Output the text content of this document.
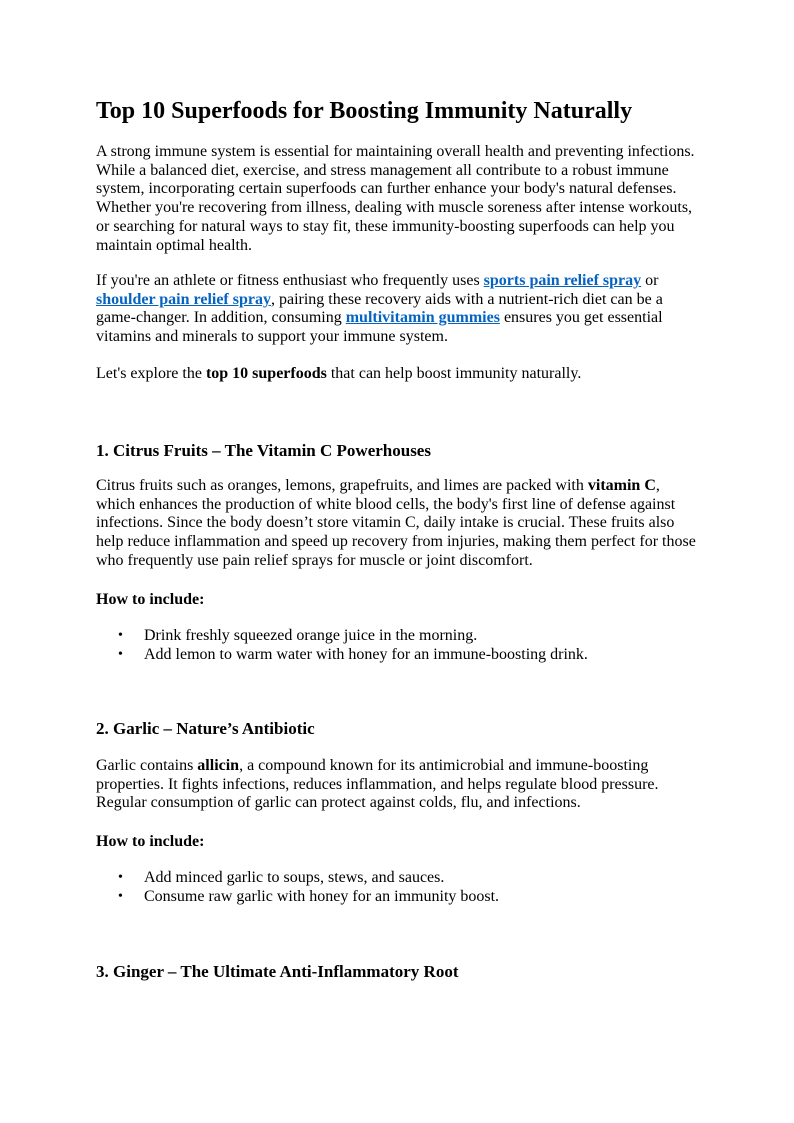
Top 10 Superfoods for Boosting Immunity Naturally

A strong immune system is essential for maintaining overall health and preventing infections.
While a balanced diet, exercise, and stress management all contribute to a robust immune
system, incorporating certain superfoods can further enhance your body's natural defenses.
Whether you're recovering from illness, dealing with muscle soreness after intense workouts,
or searching for natural ways to stay fit, these immunity-boosting superfoods can help you
maintain optimal health.

If you're an athlete or fitness enthusiast who frequently uses sports pain relief spray or
shoulder pain relief spray, pairing these recovery aids with a nutrient-rich diet can be a
game-changer. In addition, consuming multivitamin gummies ensures you get essential
vitamins and minerals to support your immune system.

Let's explore the top 10 superfoods that can help boost immunity naturally.

1. Citrus Fruits – The Vitamin C Powerhouses

Citrus fruits such as oranges, lemons, grapefruits, and limes are packed with vitamin C,
which enhances the production of white blood cells, the body's first line of defense against
infections. Since the body doesn’t store vitamin C, daily intake is crucial. These fruits also
help reduce inflammation and speed up recovery from injuries, making them perfect for those
who frequently use pain relief sprays for muscle or joint discomfort.

How to include:

• Drink freshly squeezed orange juice in the morning.
• Add lemon to warm water with honey for an immune-boosting drink.
2. Garlic – Nature’s Antibiotic

Garlic contains allicin, a compound known for its antimicrobial and immune-boosting
properties. It fights infections, reduces inflammation, and helps regulate blood pressure.
Regular consumption of garlic can protect against colds, flu, and infections.

How to include:

• Add minced garlic to soups, stews, and sauces.
• Consume raw garlic with honey for an immunity boost.
3. Ginger – The Ultimate Anti-Inflammatory Root
